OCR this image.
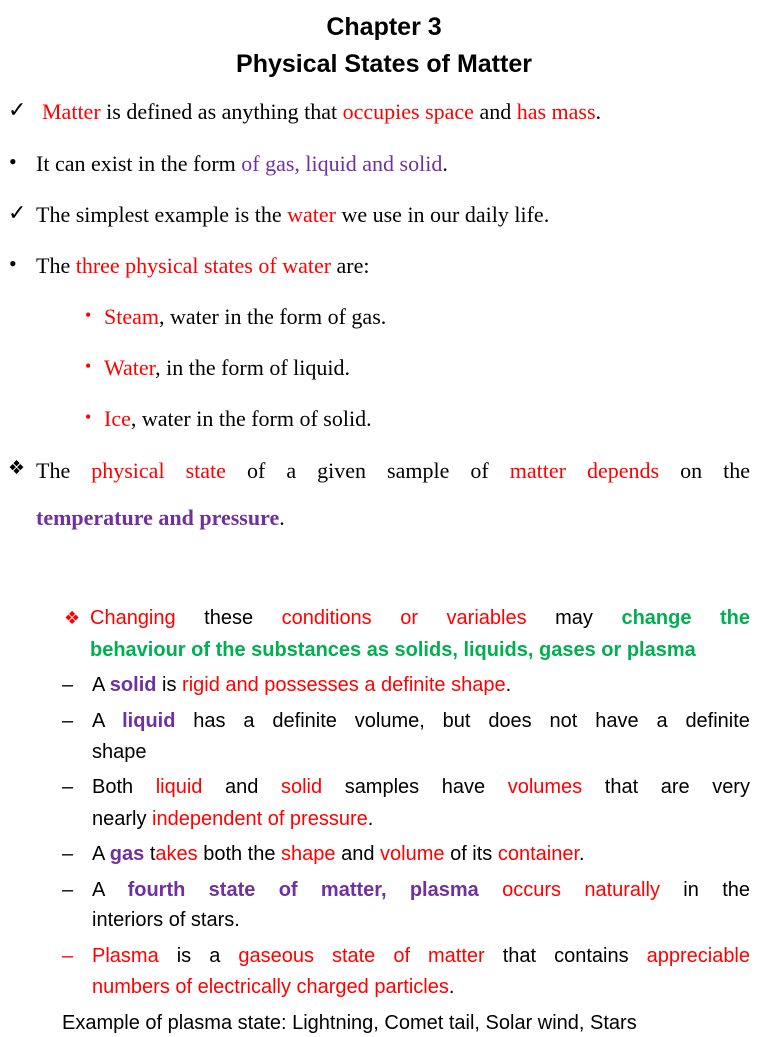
Chapter 3
Physical States of Matter
✓ Matter is defined as anything that occupies space and has mass.
• It can exist in the form of gas, liquid and solid.
✓ The simplest example is the water we use in our daily life.
• The three physical states of water are:
• Steam, water in the form of gas.
• Water, in the form of liquid.
• Ice, water in the form of solid.
❖ The physical state of a given sample of matter depends on the
temperature and pressure.
❖ Changing these conditions or variables may change the
behaviour of the substances as solids, liquids, gases or plasma
– A solid is rigid and possesses a definite shape.
– A liquid has a definite volume, but does not have a definite
shape
– Both liquid and solid samples have volumes that are very
nearly independent of pressure.
– A gas takes both the shape and volume of its container.
– A fourth state of matter, plasma occurs naturally in the
interiors of stars.
– Plasma is a gaseous state of matter that contains appreciable
numbers of electrically charged particles.
Example of plasma state: Lightning, Comet tail, Solar wind, Stars
